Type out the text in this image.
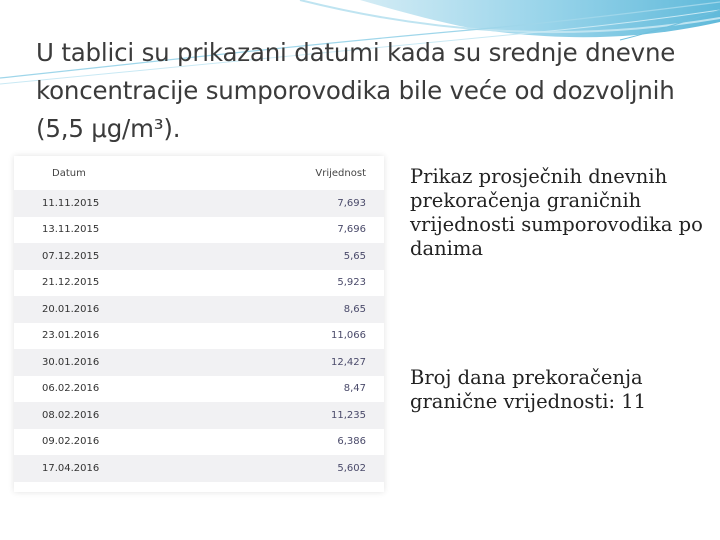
U tablici su prikazani datumi kada su srednje dnevne koncentracije sumporovodika bile veće od dozvoljnih (5,5 μg/m³).
Datum	Vrijednost
11.11.2015	7,693
13.11.2015	7,696
07.12.2015	5,65
21.12.2015	5,923
20.01.2016	8,65
23.01.2016	11,066
30.01.2016	12,427
06.02.2016	8,47
08.02.2016	11,235
09.02.2016	6,386
17.04.2016	5,602
Prikaz prosječnih dnevnih prekoračenja graničnih vrijednosti sumporovodika po danima
Broj dana prekoračenja granične vrijednosti: 11
